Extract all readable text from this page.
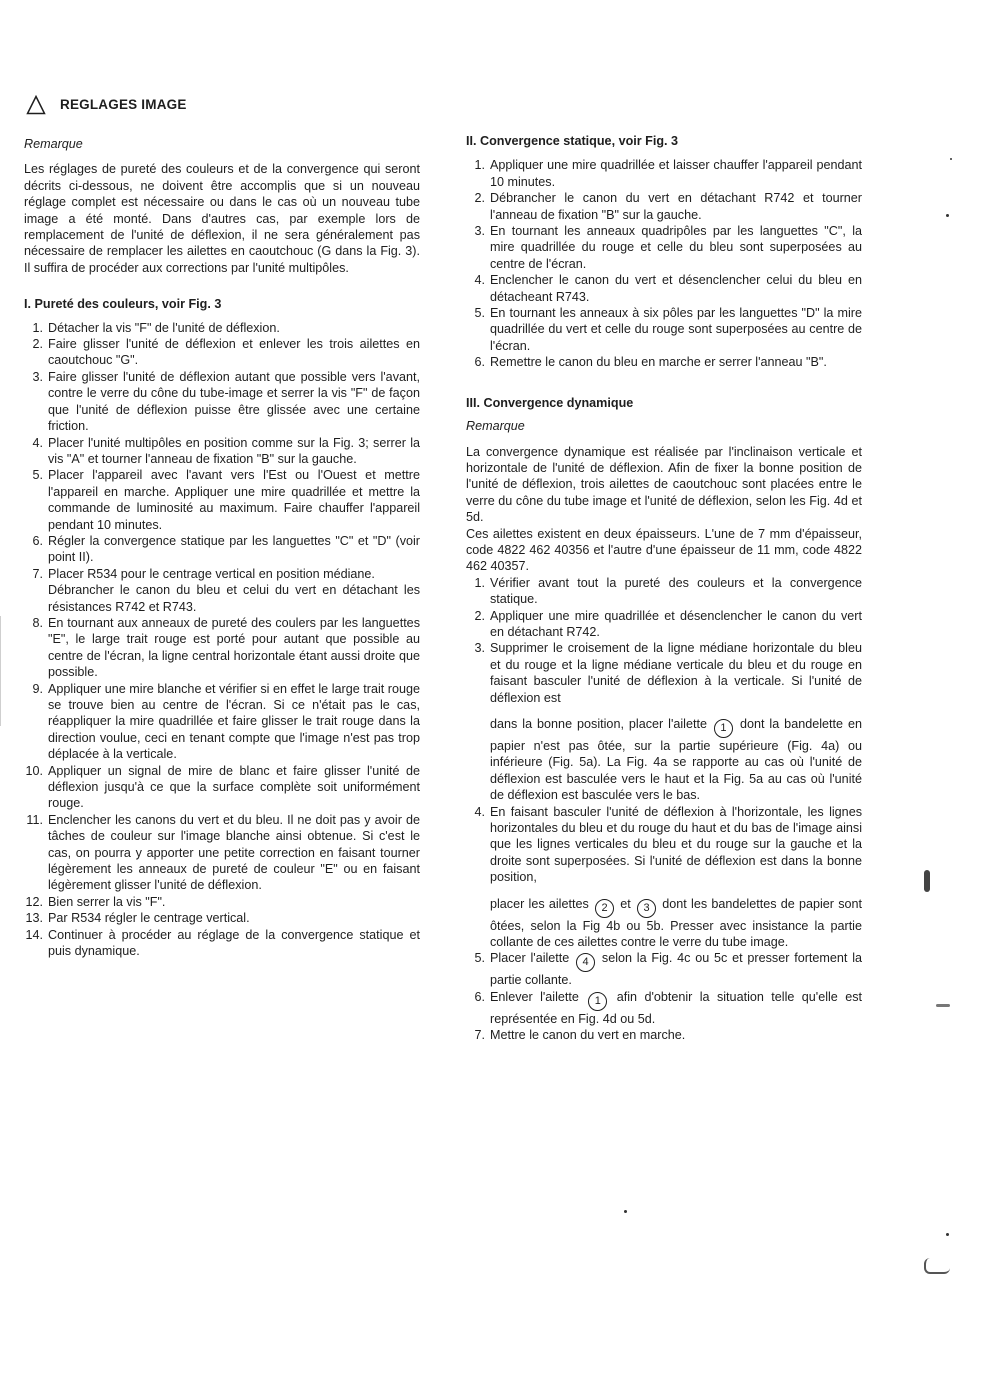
REGLAGES IMAGE

Remarque

Les réglages de pureté des couleurs et de la convergence qui seront décrits ci-dessous, ne doivent être accomplis que si un nouveau réglage complet est nécessaire ou dans le cas où un nouveau tube image a été monté. Dans d'autres cas, par exemple lors de remplacement de l'unité de déflexion, il ne sera généralement pas nécessaire de remplacer les ailettes en caoutchouc (G dans la Fig. 3). Il suffira de procéder aux corrections par l'unité multipôles.

I. Pureté des couleurs, voir Fig. 3

1. Détacher la vis "F" de l'unité de déflexion.
2. Faire glisser l'unité de déflexion et enlever les trois ailettes en caoutchouc "G".
3. Faire glisser l'unité de déflexion autant que possible vers l'avant, contre le verre du cône du tube-image et serrer la vis "F" de façon que l'unité de déflexion puisse être glissée avec une certaine friction.
4. Placer l'unité multipôles en position comme sur la Fig. 3; serrer la vis "A" et tourner l'anneau de fixation "B" sur la gauche.
5. Placer l'appareil avec l'avant vers l'Est ou l'Ouest et mettre l'appareil en marche. Appliquer une mire quadrillée et mettre la commande de luminosité au maximum. Faire chauffer l'appareil pendant 10 minutes.
6. Régler la convergence statique par les languettes "C" et "D" (voir point II).
7. Placer R534 pour le centrage vertical en position médiane.
Débrancher le canon du bleu et celui du vert en détachant les résistances R742 et R743.
8. En tournant aux anneaux de pureté des coulers par les languettes "E", le large trait rouge est porté pour autant que possible au centre de l'écran, la ligne central horizontale étant aussi droite que possible.
9. Appliquer une mire blanche et vérifier si en effet le large trait rouge se trouve bien au centre de l'écran. Si ce n'était pas le cas, réappliquer la mire quadrillée et faire glisser le trait rouge dans la direction voulue, ceci en tenant compte que l'image n'est pas trop déplacée à la verticale.
10. Appliquer un signal de mire de blanc et faire glisser l'unité de déflexion jusqu'à ce que la surface complète soit uniformément rouge.
11. Enclencher les canons du vert et du bleu. Il ne doit pas y avoir de tâches de couleur sur l'image blanche ainsi obtenue. Si c'est le cas, on pourra y apporter une petite correction en faisant tourner légèrement les anneaux de pureté de couleur "E" ou en faisant légèrement glisser l'unité de déflexion.
12. Bien serrer la vis "F".
13. Par R534 régler le centrage vertical.
14. Continuer à procéder au réglage de la convergence statique et puis dynamique.

II. Convergence statique, voir Fig. 3

1. Appliquer une mire quadrillée et laisser chauffer l'appareil pendant 10 minutes.
2. Débrancher le canon du vert en détachant R742 et tourner l'anneau de fixation "B" sur la gauche.
3. En tournant les anneaux quadripôles par les languettes "C", la mire quadrillée du rouge et celle du bleu sont superposées au centre de l'écran.
4. Enclencher le canon du vert et désenclencher celui du bleu en détacheant R743.
5. En tournant les anneaux à six pôles par les languettes "D" la mire quadrillée du vert et celle du rouge sont superposées au centre de l'écran.
6. Remettre le canon du bleu en marche er serrer l'anneau "B".

III. Convergence dynamique

Remarque

La convergence dynamique est réalisée par l'inclinaison verticale et horizontale de l'unité de déflexion. Afin de fixer la bonne position de l'unité de déflexion, trois ailettes de caoutchouc sont placées entre le verre du cône du tube image et l'unité de déflexion, selon les Fig. 4d et 5d.

Ces ailettes existent en deux épaisseurs. L'une de 7 mm d'épaisseur, code 4822 462 40356 et l'autre d'une épaisseur de 11 mm, code 4822 462 40357.

1. Vérifier avant tout la pureté des couleurs et la convergence statique.
2. Appliquer une mire quadrillée et désenclencher le canon du vert en détachant R742.
3. Supprimer le croisement de la ligne médiane horizontale du bleu et du rouge et la ligne médiane verticale du bleu et du rouge en faisant basculer l'unité de déflexion à la verticale. Si l'unité de déflexion est
dans la bonne position, placer l'ailette 1 dont la bandelette en papier n'est pas ôtée, sur la partie supérieure (Fig. 4a) ou inférieure (Fig. 5a). La Fig. 4a se rapporte au cas où l'unité de déflexion est basculée vers le haut et la Fig. 5a au cas où l'unité de déflexion est basculée vers le bas.
4. En faisant basculer l'unité de déflexion à l'horizontale, les lignes horizontales du bleu et du rouge du haut et du bas de l'image ainsi que les lignes verticales du bleu et du rouge sur la gauche et la droite sont superposées. Si l'unité de déflexion est dans la bonne position,
placer les ailettes 2 et 3 dont les bandelettes de papier sont ôtées, selon la Fig 4b ou 5b. Presser avec insistance la partie collante de ces ailettes contre le verre du tube image.
5. Placer l'ailette 4 selon la Fig. 4c ou 5c et presser fortement la partie collante.
6. Enlever l'ailette 1 afin d'obtenir la situation telle qu'elle est représentée en Fig. 4d ou 5d.
7. Mettre le canon du vert en marche.
